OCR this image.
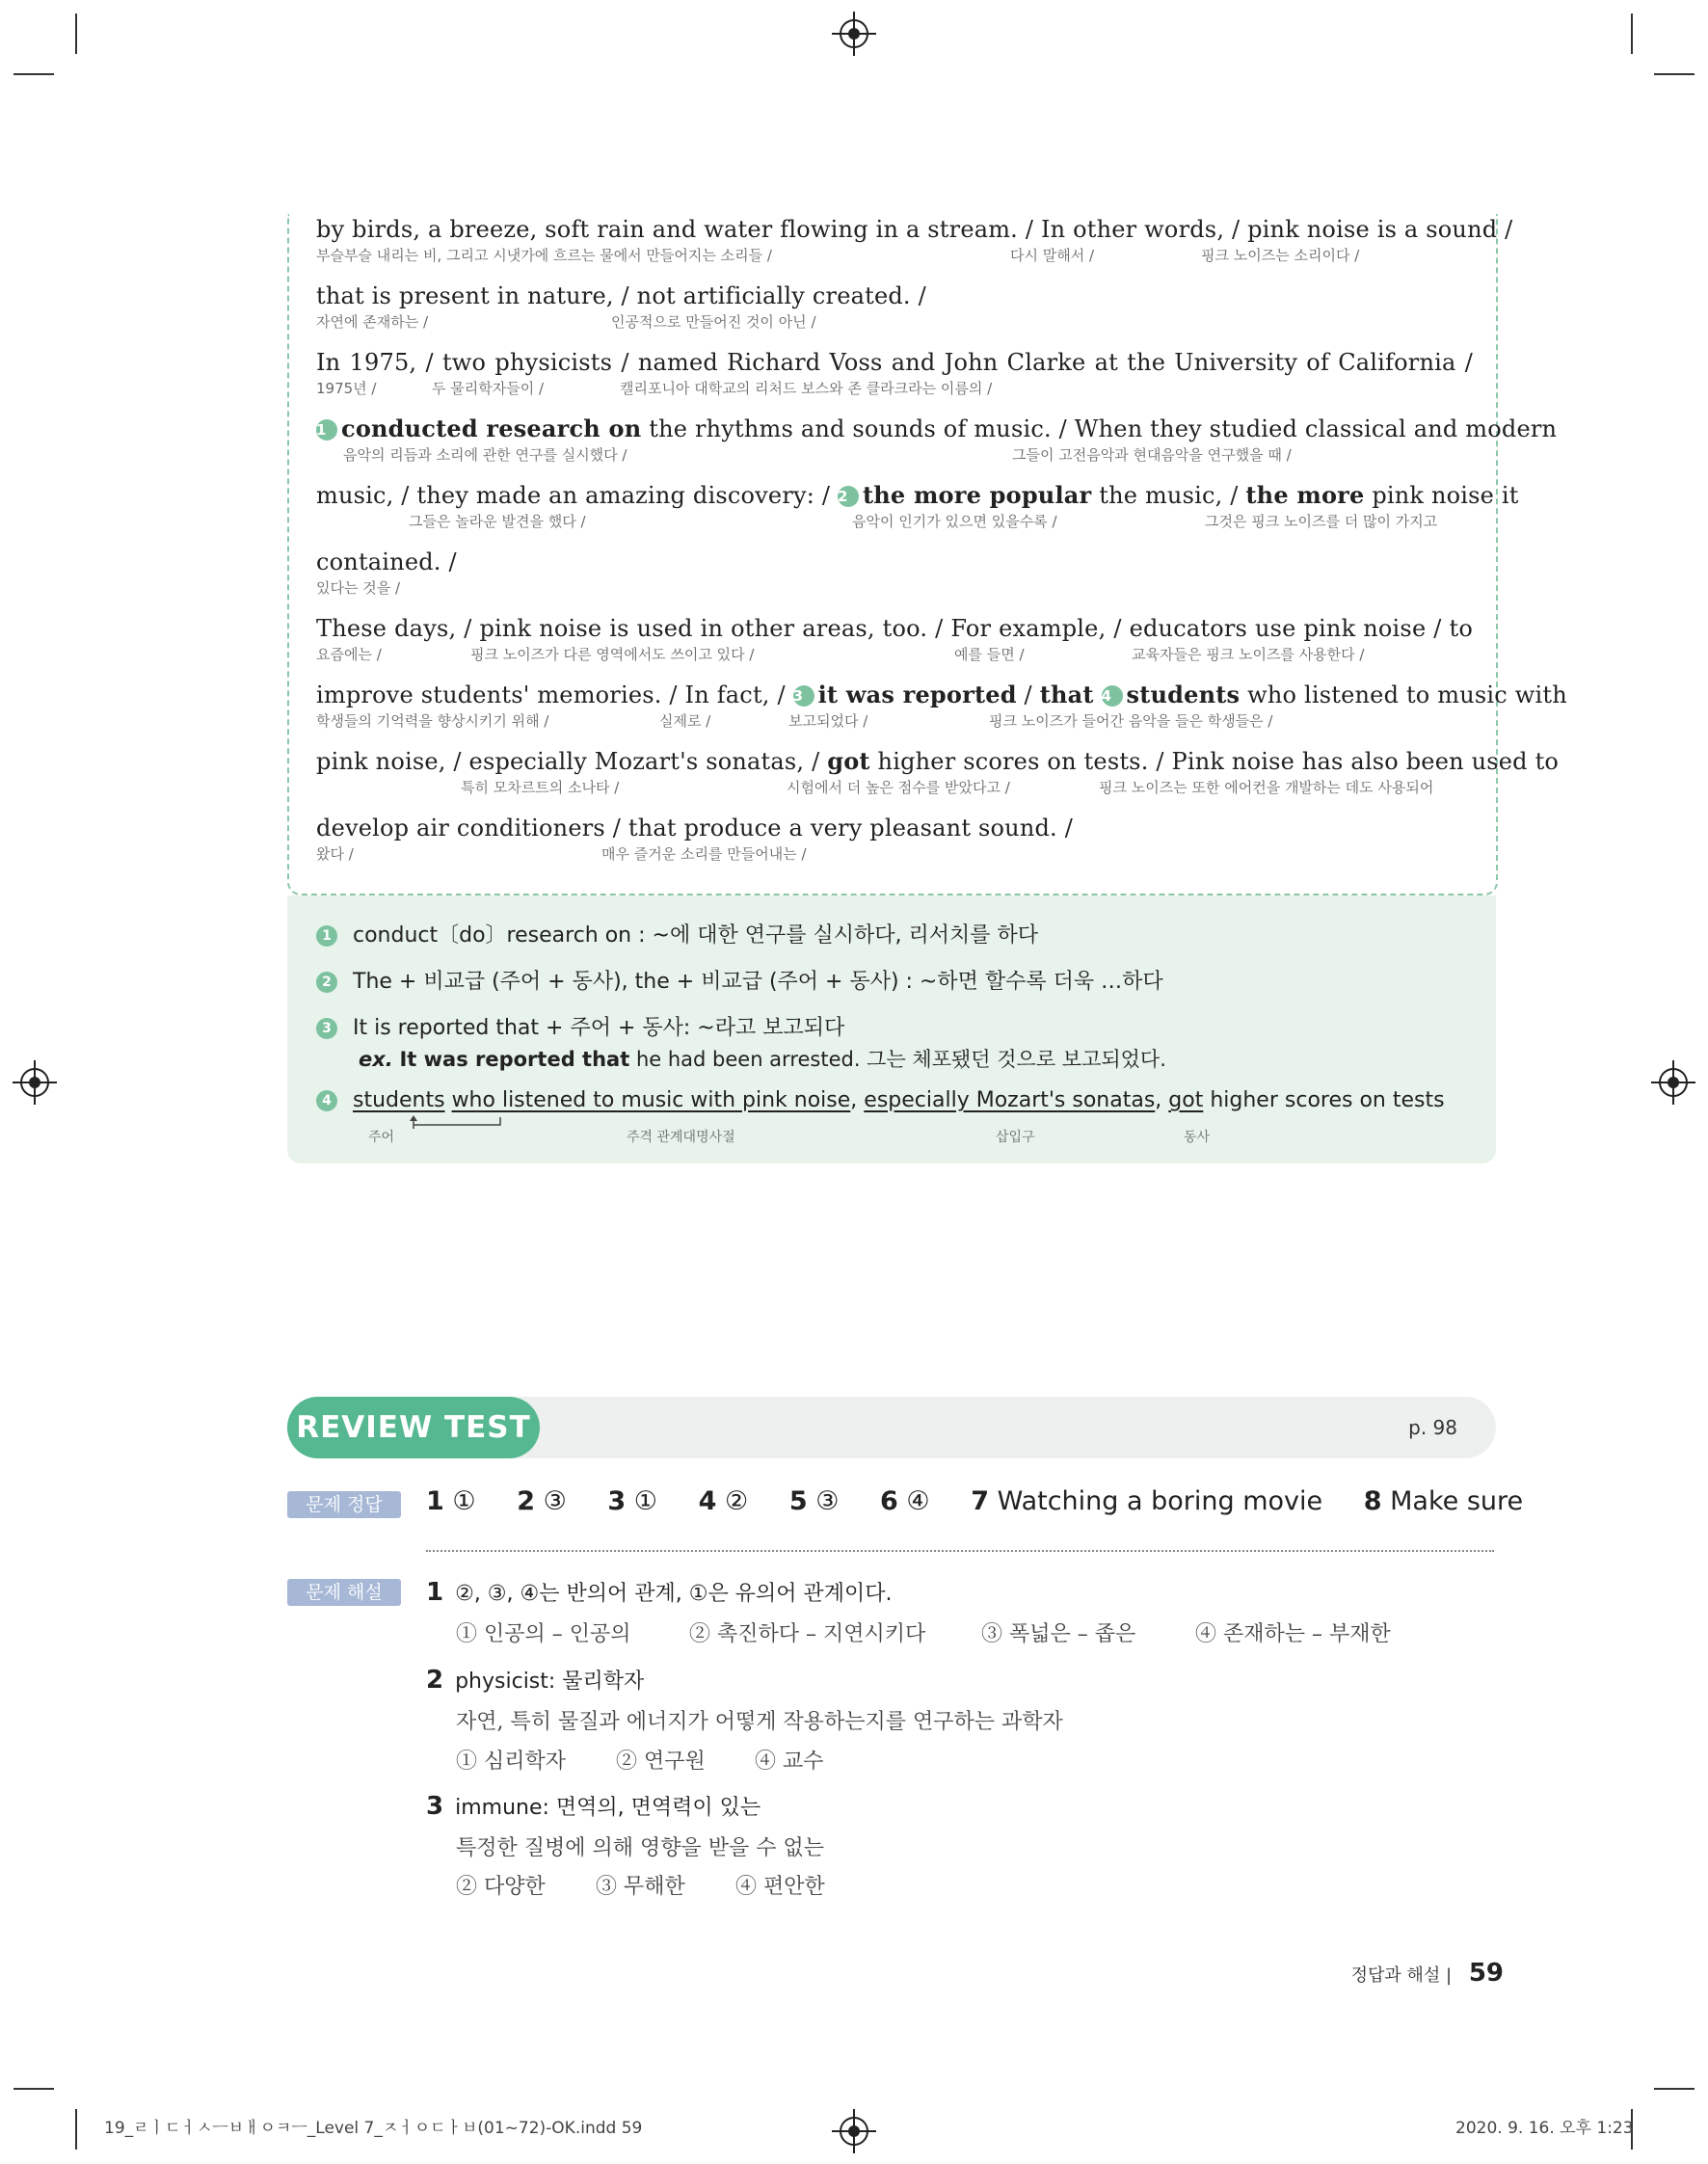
by birds, a breeze, soft rain and water flowing in a stream. / In other words, / pink noise is a sound /
부슬부슬 내리는 비, 그리고 시냇가에 흐르는 물에서 만들어지는 소리들 /	다시 말해서 /	핑크 노이즈는 소리이다 /
that is present in nature, / not artificially created. /
자연에 존재하는 /	인공적으로 만들어진 것이 아닌 /
In 1975, / two physicists / named Richard Voss and John Clarke at the University of California /
1975년 /	두 물리학자들이 /	캘리포니아 대학교의 리처드 보스와 존 클라크라는 이름의 /
1 conducted research on the rhythms and sounds of music. / When they studied classical and modern
음악의 리듬과 소리에 관한 연구를 실시했다 /	그들이 고전음악과 현대음악을 연구했을 때 /
music, / they made an amazing discovery: / 2 the more popular the music, / the more pink noise it
그들은 놀라운 발견을 했다 /	음악이 인기가 있으면 있을수록 /	그것은 핑크 노이즈를 더 많이 가지고
contained. /
있다는 것을 /
These days, / pink noise is used in other areas, too. / For example, / educators use pink noise / to
요즘에는 /	핑크 노이즈가 다른 영역에서도 쓰이고 있다 /	예를 들면 /	교육자들은 핑크 노이즈를 사용한다 /
improve students' memories. / In fact, / 3 it was reported / that 4 students who listened to music with
학생들의 기억력을 향상시키기 위해 /	실제로 /	보고되었다 /	핑크 노이즈가 들어간 음악을 들은 학생들은 /
pink noise, / especially Mozart's sonatas, / got higher scores on tests. / Pink noise has also been used to
특히 모차르트의 소나타 /	시험에서 더 높은 점수를 받았다고 /	핑크 노이즈는 또한 에어컨을 개발하는 데도 사용되어
develop air conditioners / that produce a very pleasant sound. /
왔다 /	매우 즐거운 소리를 만들어내는 /
1 conduct〔do〕research on : ~에 대한 연구를 실시하다, 리서치를 하다
2 The + 비교급 (주어 + 동사), the + 비교급 (주어 + 동사) : ~하면 할수록 더욱 …하다
3 It is reported that + 주어 + 동사: ~라고 보고되다
ex. It was reported that he had been arrested. 그는 체포됐던 것으로 보고되었다.
4 students who listened to music with pink noise, especially Mozart's sonatas, got higher scores on tests
주어	주격 관계대명사절	삽입구	동사
REVIEW TEST	p. 98
문제 정답	1 ① 2 ③ 3 ① 4 ② 5 ③ 6 ④ 7 Watching a boring movie 8 Make sure
문제 해설	1 ②, ③, ④는 반의어 관계, ①은 유의어 관계이다.
① 인공의 – 인공의	② 촉진하다 – 지연시키다	③ 폭넓은 – 좁은	④ 존재하는 – 부재한
2 physicist: 물리학자
자연, 특히 물질과 에너지가 어떻게 작용하는지를 연구하는 과학자
① 심리학자 ② 연구원 ④ 교수
3 immune: 면역의, 면역력이 있는
특정한 질병에 의해 영향을 받을 수 없는
② 다양한 ③ 무해한 ④ 편안한
정답과 해설 | 59
19_ㄹㅣㄷㅓㅅㅡㅂㅐㅇㅋㅡ_Level 7_ㅈㅓㅇㄷㅏㅂ(01~72)-OK.indd 59	2020. 9. 16. 오후 1:23
